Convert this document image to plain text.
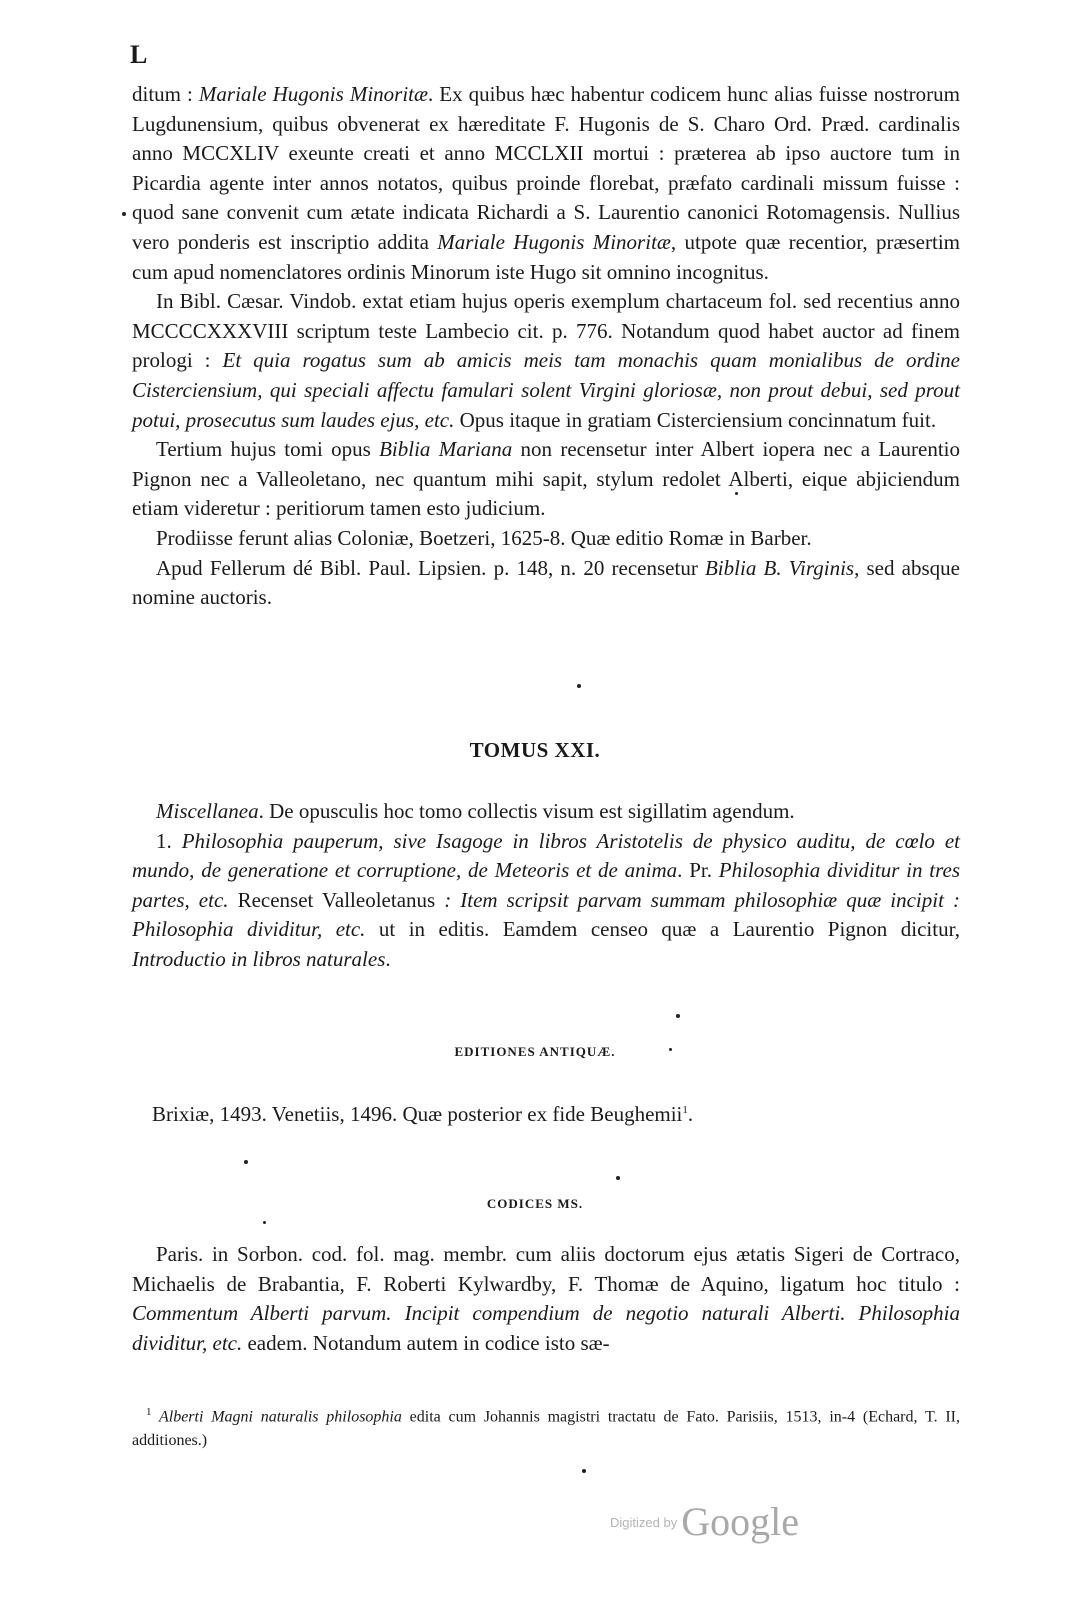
L

ditum : Mariale Hugonis Minoritæ. Ex quibus hæc habentur codicem hunc alias fuisse nostrorum Lugdunensium, quibus obvenerat ex hæreditate F. Hugonis de S. Charo Ord. Præd. cardinalis anno MCCXLIV exeunte creati et anno MCCLXII mortui : præterea ab ipso auctore tum in Picardia agente inter annos notatos, quibus proinde florebat, præfato cardinali missum fuisse : quod sane convenit cum ætate indicata Richardi a S. Laurentio canonici Rotomagensis. Nullius vero ponderis est inscriptio addita Mariale Hugonis Minoritæ, utpote quæ recentior, præsertim cum apud nomenclatores ordinis Minorum iste Hugo sit omnino incognitus.

In Bibl. Cæsar. Vindob. extat etiam hujus operis exemplum chartaceum fol. sed recentius anno MCCCCXXXVIII scriptum teste Lambecio cit. p. 776. Notandum quod habet auctor ad finem prologi : Et quia rogatus sum ab amicis meis tam monachis quam monialibus de ordine Cisterciensium, qui speciali affectu famulari solent Virgini gloriosæ, non prout debui, sed prout potui, prosecutus sum laudes ejus, etc. Opus itaque in gratiam Cisterciensium concinnatum fuit.

Tertium hujus tomi opus Biblia Mariana non recensetur inter Albert iopera nec a Laurentio Pignon nec a Valleoletano, nec quantum mihi sapit, stylum redolet Alberti, eique abjiciendum etiam videretur : peritiorum tamen esto judicium.

Prodiisse ferunt alias Coloniæ, Boetzeri, 1625-8. Quæ editio Romæ in Barber.

Apud Fellerum dé Bibl. Paul. Lipsien. p. 148, n. 20 recensetur Biblia B. Virginis, sed absque nomine auctoris.

TOMUS XXI.

Miscellanea. De opusculis hoc tomo collectis visum est sigillatim agendum.

1. Philosophia pauperum, sive Isagoge in libros Aristotelis de physico auditu, de cœlo et mundo, de generatione et corruptione, de Meteoris et de anima. Pr. Philosophia dividitur in tres partes, etc. Recenset Valleoletanus : Item scripsit parvam summam philosophiæ quæ incipit : Philosophia dividitur, etc. ut in editis. Eamdem censeo quæ a Laurentio Pignon dicitur, Introductio in libros naturales.

EDITIONES ANTIQUÆ.
Brixiæ, 1493. Venetiis, 1496. Quæ posterior ex fide Beughemii$^1$.
CODICES MS.

Paris. in Sorbon. cod. fol. mag. membr. cum aliis doctorum ejus ætatis Sigeri de Cortraco, Michaelis de Brabantia, F. Roberti Kylwardby, F. Thomæ de Aquino, ligatum hoc titulo : Commentum Alberti parvum. Incipit compendium de negotio naturali Alberti. Philosophia dividitur, etc. eadem. Notandum autem in codice isto sæ-

$^1$ Alberti Magni naturalis philosophia edita cum Johannis magistri tractatu de Fato. Parisiis, 1513, in-4 (Echard, T. II, additiones.)

$^{Digitized by}$ Google
